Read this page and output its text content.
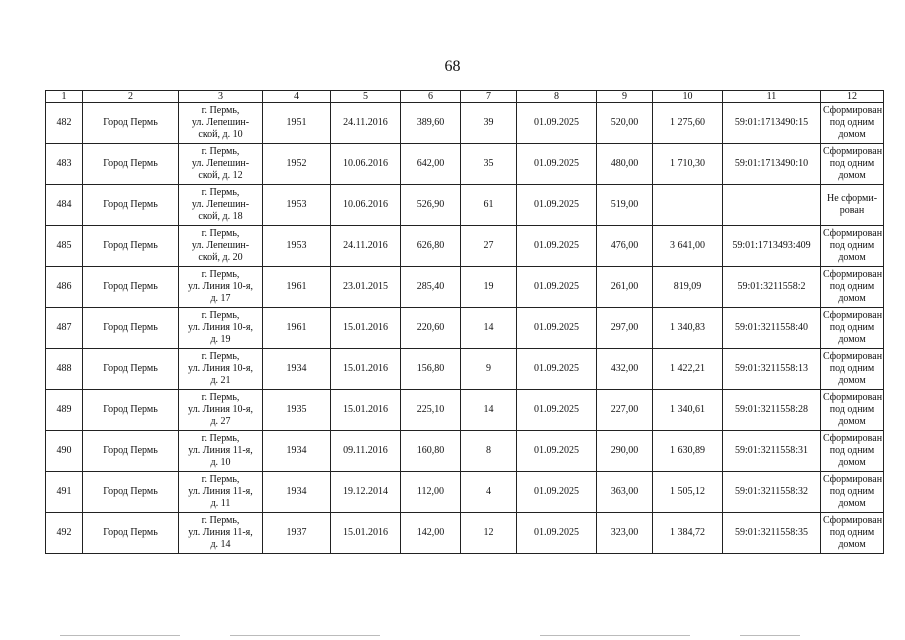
68
1	2	3	4	5	6	7	8	9	10	11	12
482	Город Пермь	г. Пермь,
ул. Лепешин-
ской, д. 10	1951	24.11.2016	389,60	39	01.09.2025	520,00	1 275,60	59:01:1713490:15	Сформирован
под одним
домом
483	Город Пермь	г. Пермь,
ул. Лепешин-
ской, д. 12	1952	10.06.2016	642,00	35	01.09.2025	480,00	1 710,30	59:01:1713490:10	Сформирован
под одним
домом
484	Город Пермь	г. Пермь,
ул. Лепешин-
ской, д. 18	1953	10.06.2016	526,90	61	01.09.2025	519,00			Не сформи-
рован
485	Город Пермь	г. Пермь,
ул. Лепешин-
ской, д. 20	1953	24.11.2016	626,80	27	01.09.2025	476,00	3 641,00	59:01:1713493:409	Сформирован
под одним
домом
486	Город Пермь	г. Пермь,
ул. Линия 10-я,
д. 17	1961	23.01.2015	285,40	19	01.09.2025	261,00	819,09	59:01:3211558:2	Сформирован
под одним
домом
487	Город Пермь	г. Пермь,
ул. Линия 10-я,
д. 19	1961	15.01.2016	220,60	14	01.09.2025	297,00	1 340,83	59:01:3211558:40	Сформирован
под одним
домом
488	Город Пермь	г. Пермь,
ул. Линия 10-я,
д. 21	1934	15.01.2016	156,80	9	01.09.2025	432,00	1 422,21	59:01:3211558:13	Сформирован
под одним
домом
489	Город Пермь	г. Пермь,
ул. Линия 10-я,
д. 27	1935	15.01.2016	225,10	14	01.09.2025	227,00	1 340,61	59:01:3211558:28	Сформирован
под одним
домом
490	Город Пермь	г. Пермь,
ул. Линия 11-я,
д. 10	1934	09.11.2016	160,80	8	01.09.2025	290,00	1 630,89	59:01:3211558:31	Сформирован
под одним
домом
491	Город Пермь	г. Пермь,
ул. Линия 11-я,
д. 11	1934	19.12.2014	112,00	4	01.09.2025	363,00	1 505,12	59:01:3211558:32	Сформирован
под одним
домом
492	Город Пермь	г. Пермь,
ул. Линия 11-я,
д. 14	1937	15.01.2016	142,00	12	01.09.2025	323,00	1 384,72	59:01:3211558:35	Сформирован
под одним
домом
